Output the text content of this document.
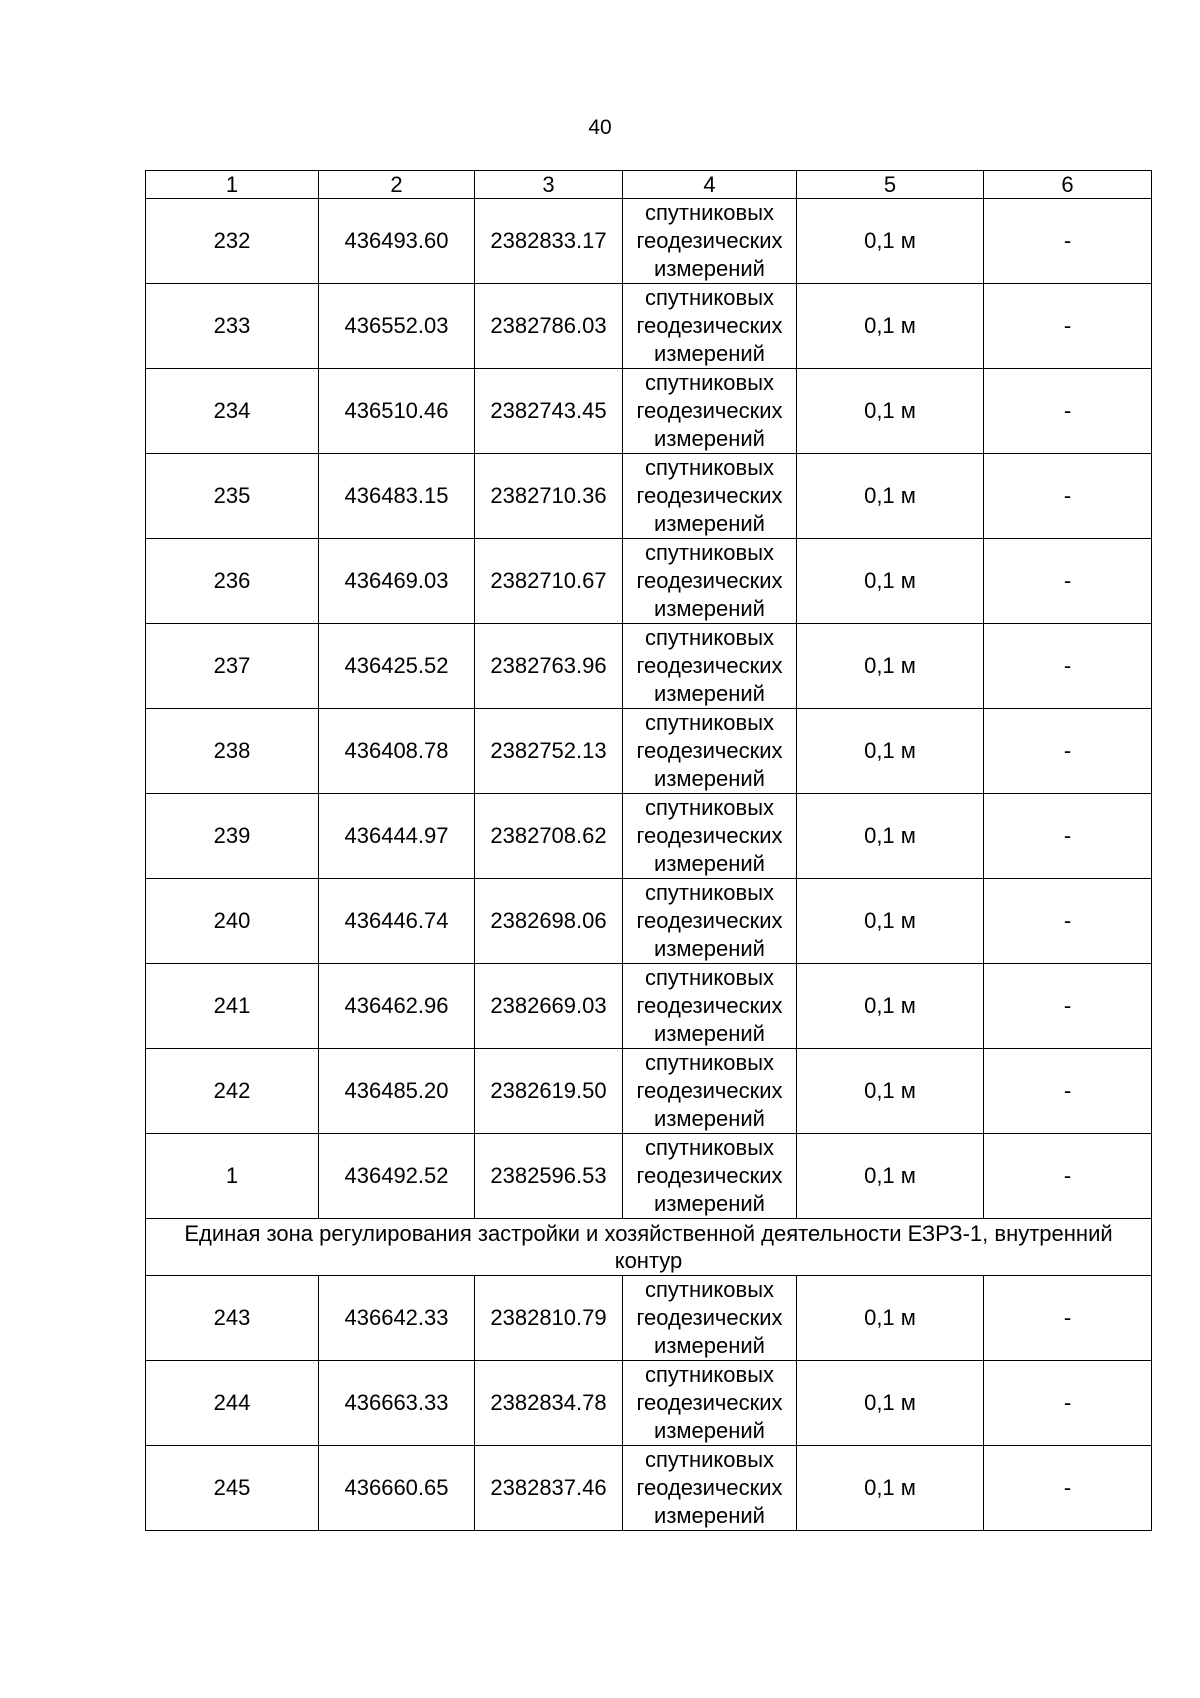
40
1	2	3	4	5	6
232	436493.60	2382833.17	спутниковых
геодезических
измерений	0,1 м	-
233	436552.03	2382786.03	спутниковых
геодезических
измерений	0,1 м	-
234	436510.46	2382743.45	спутниковых
геодезических
измерений	0,1 м	-
235	436483.15	2382710.36	спутниковых
геодезических
измерений	0,1 м	-
236	436469.03	2382710.67	спутниковых
геодезических
измерений	0,1 м	-
237	436425.52	2382763.96	спутниковых
геодезических
измерений	0,1 м	-
238	436408.78	2382752.13	спутниковых
геодезических
измерений	0,1 м	-
239	436444.97	2382708.62	спутниковых
геодезических
измерений	0,1 м	-
240	436446.74	2382698.06	спутниковых
геодезических
измерений	0,1 м	-
241	436462.96	2382669.03	спутниковых
геодезических
измерений	0,1 м	-
242	436485.20	2382619.50	спутниковых
геодезических
измерений	0,1 м	-
1	436492.52	2382596.53	спутниковых
геодезических
измерений	0,1 м	-
Единая зона регулирования застройки и хозяйственной деятельности ЕЗРЗ-1, внутренний контур					
243	436642.33	2382810.79	спутниковых
геодезических
измерений	0,1 м	-
244	436663.33	2382834.78	спутниковых
геодезических
измерений	0,1 м	-
245	436660.65	2382837.46	спутниковых
геодезических
измерений	0,1 м	-
